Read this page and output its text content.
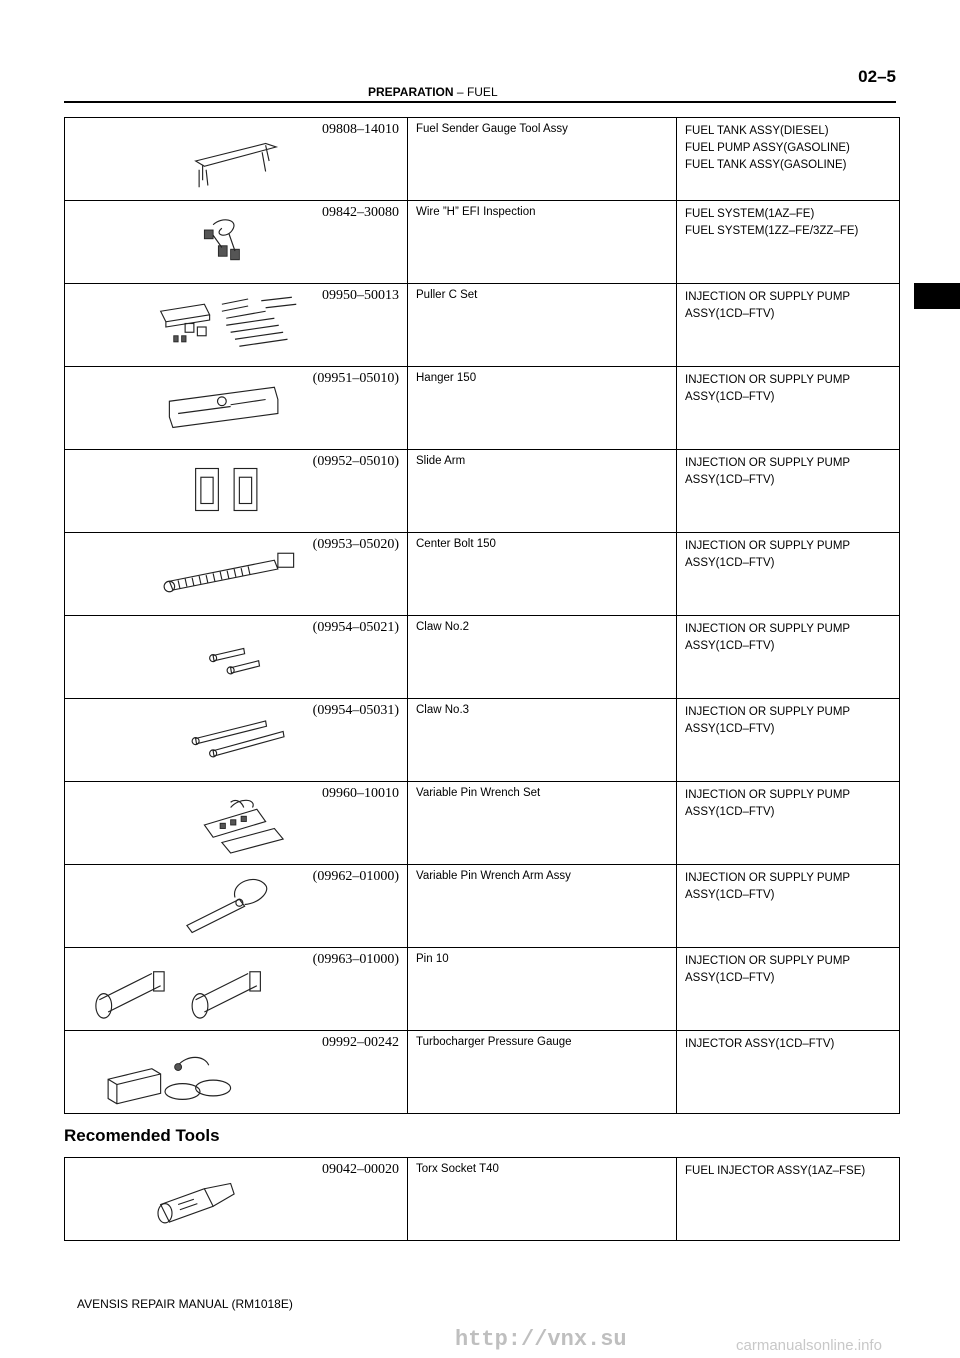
PREPARATION – FUEL
02–5
09808–14010	Fuel Sender Gauge Tool Assy	FUEL TANK ASSY(DIESEL)
FUEL PUMP ASSY(GASOLINE)
FUEL TANK ASSY(GASOLINE)

09842–30080	Wire ”H” EFI Inspection	FUEL SYSTEM(1AZ–FE)
FUEL SYSTEM(1ZZ–FE/3ZZ–FE)

09950–50013	Puller C Set	INJECTION OR SUPPLY PUMP
ASSY(1CD–FTV)

(09951–05010)	Hanger 150	INJECTION OR SUPPLY PUMP
ASSY(1CD–FTV)

(09952–05010)	Slide Arm	INJECTION OR SUPPLY PUMP
ASSY(1CD–FTV)

(09953–05020)	Center Bolt 150	INJECTION OR SUPPLY PUMP
ASSY(1CD–FTV)

(09954–05021)	Claw No.2	INJECTION OR SUPPLY PUMP
ASSY(1CD–FTV)

(09954–05031)	Claw No.3	INJECTION OR SUPPLY PUMP
ASSY(1CD–FTV)

09960–10010	Variable Pin Wrench Set	INJECTION OR SUPPLY PUMP
ASSY(1CD–FTV)

(09962–01000)	Variable Pin Wrench Arm Assy	INJECTION OR SUPPLY PUMP
ASSY(1CD–FTV)

(09963–01000)	Pin 10	INJECTION OR SUPPLY PUMP
ASSY(1CD–FTV)

09992–00242	Turbocharger Pressure Gauge	INJECTOR ASSY(1CD–FTV)
Recomended Tools
09042–00020	Torx Socket T40	FUEL INJECTOR ASSY(1AZ–FSE)
AVENSIS REPAIR MANUAL (RM1018E)
http://vnx.su	carmanualsonline.info
